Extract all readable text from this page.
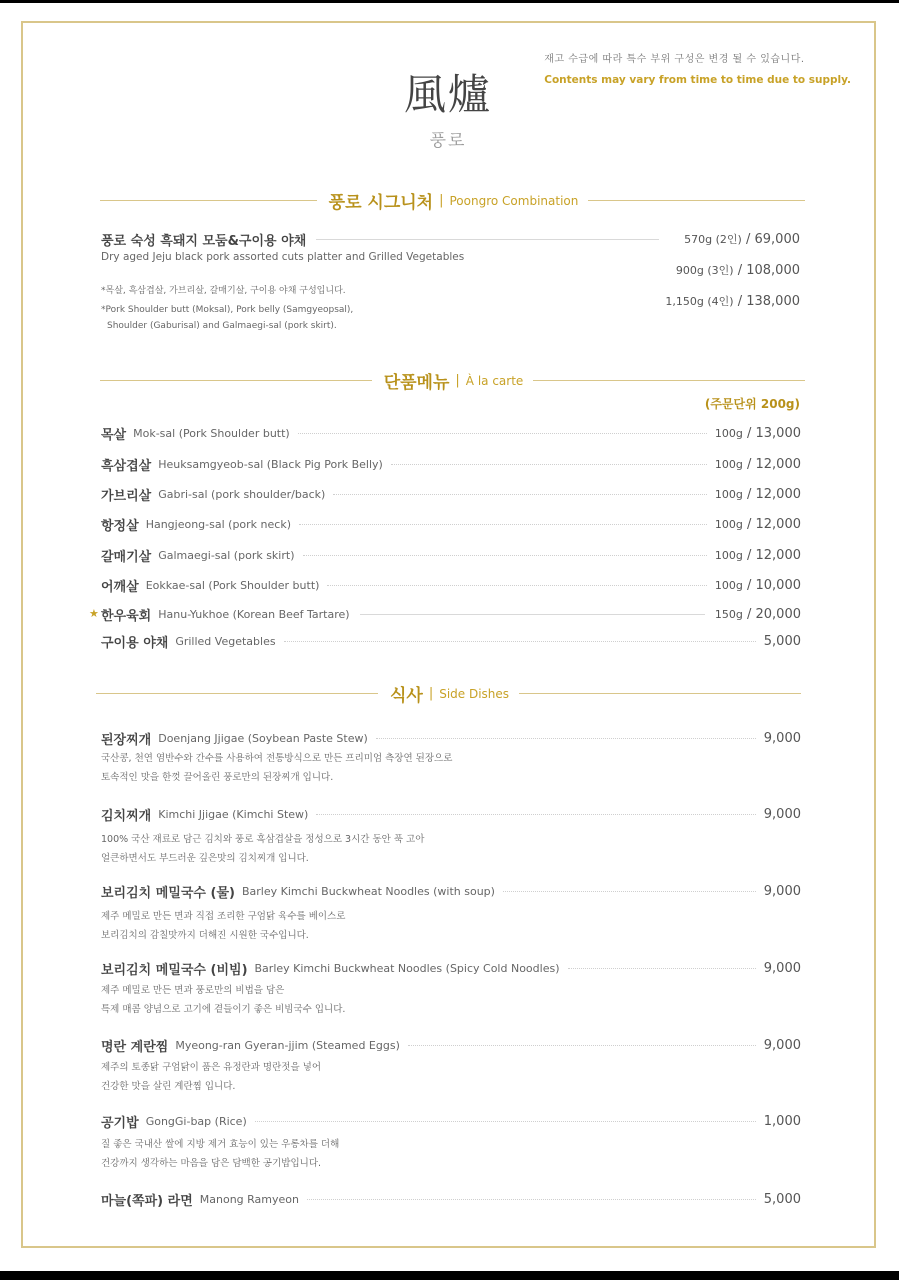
재고 수급에 따라 특수 부위 구성은 변경 될 수 있습니다.
Contents may vary from time to time due to supply.
風爐
풍로
풍로 시그니처 | Poongro Combination
풍로 숙성 흑돼지 모둠&구이용 야채
Dry aged Jeju black pork assorted cuts platter and Grilled Vegetables
*목살, 흑삼겹살, 가브리살, 갈매기살, 구이용 야채 구성입니다.
*Pork Shoulder butt (Moksal), Pork belly (Samgyeopsal),
Shoulder (Gaburisal) and Galmaegi-sal (pork skirt).
570g (2인) / 69,000
900g (3인) / 108,000
1,150g (4인) / 138,000
단품메뉴 | À la carte
(주문단위 200g)
목살 Mok-sal (Pork Shoulder butt)	100g / 13,000
흑삼겹살 Heuksamgyeob-sal (Black Pig Pork Belly)	100g / 12,000
가브리살 Gabri-sal (pork shoulder/back)	100g / 12,000
항정살 Hangjeong-sal (pork neck)	100g / 12,000
갈매기살 Galmaegi-sal (pork skirt)	100g / 12,000
어깨살 Eokkae-sal (Pork Shoulder butt)	100g / 10,000
★ 한우육회 Hanu-Yukhoe (Korean Beef Tartare)	150g / 20,000
구이용 야채 Grilled Vegetables	5,000
식사 | Side Dishes
된장찌개 Doenjang Jjigae (Soybean Paste Stew)	9,000
국산콩, 천연 염반수와 간수를 사용하여 전통방식으로 만든 프리미엄 측장연 된장으로
토속적인 맛을 한껏 끌어올린 풍로만의 된장찌개 입니다.
김치찌개 Kimchi Jjigae (Kimchi Stew)	9,000
100% 국산 재료로 담근 김치와 풍로 흑삼겹살을 정성으로 3시간 동안 푹 고아
얼큰하면서도 부드러운 깊은맛의 김치찌개 입니다.
보리김치 메밀국수 (물) Barley Kimchi Buckwheat Noodles (with soup)	9,000
제주 메밀로 만든 면과 직접 조리한 구엄닭 육수를 베이스로
보리김치의 감칠맛까지 더해진 시원한 국수입니다.
보리김치 메밀국수 (비빔) Barley Kimchi Buckwheat Noodles (Spicy Cold Noodles)	9,000
제주 메밀로 만든 면과 풍로만의 비법을 담은
특제 매콤 양념으로 고기에 곁들이기 좋은 비빔국수 입니다.
명란 계란찜 Myeong-ran Gyeran-jjim (Steamed Eggs)	9,000
제주의 토종닭 구엄닭이 품은 유정란과 명란젓을 넣어
건강한 맛을 살린 계란찜 입니다.
공기밥 GongGi-bap (Rice)	1,000
질 좋은 국내산 쌀에 지방 제거 효능이 있는 우롱차를 더해
건강까지 생각하는 마음을 담은 담백한 공기밥입니다.
마늘(쪽파) 라면 Manong Ramyeon	5,000
